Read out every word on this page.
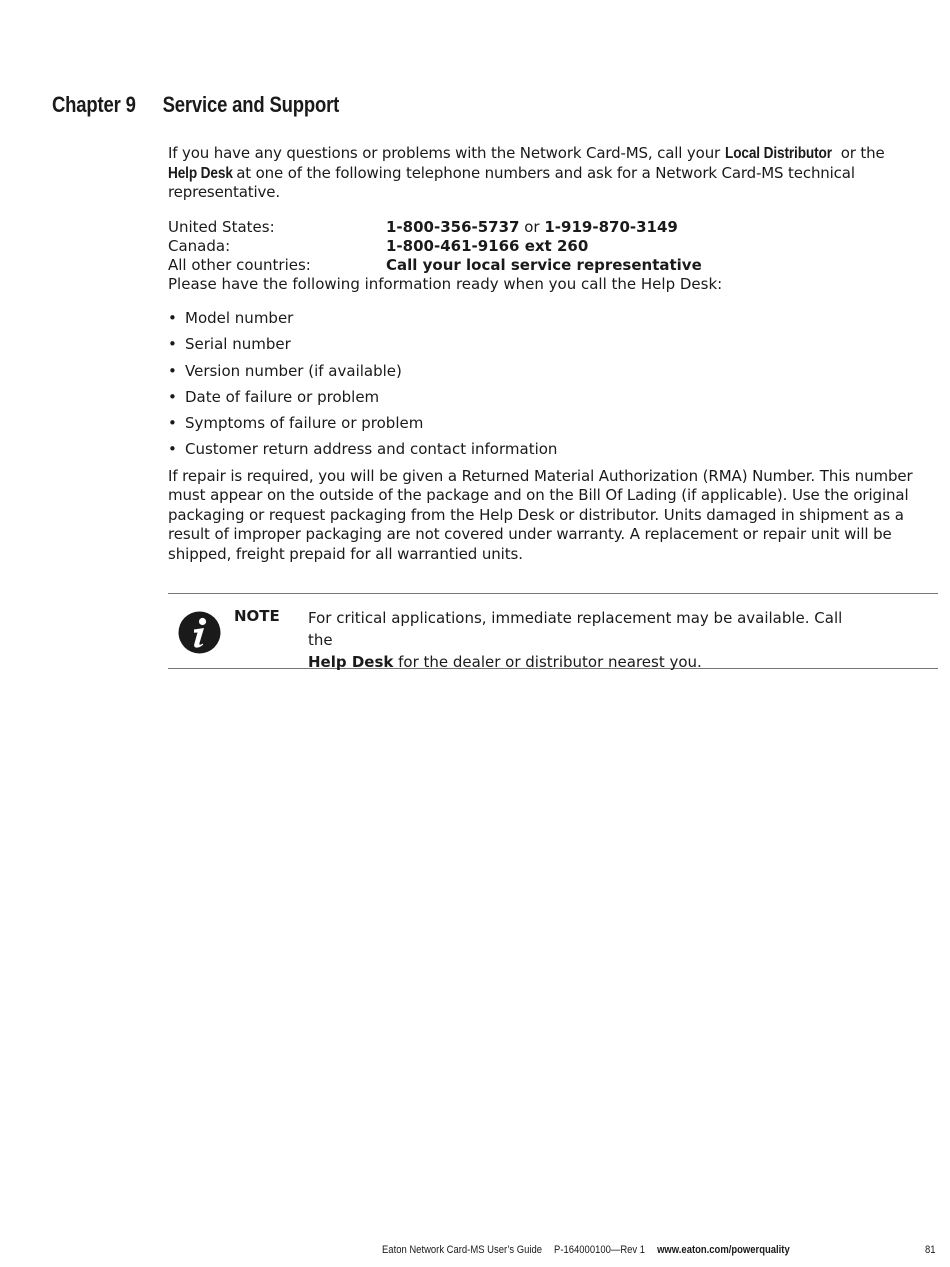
Chapter 9 Service and Support

If you have any questions or problems with the Network Card-MS, call your Local Distributor or the Help Desk at one of the following telephone numbers and ask for a Network Card-MS technical representative.

United States:	1-800-356-5737 or 1-919-870-3149
Canada:	1-800-461-9166 ext 260
All other countries:	Call your local service representative

Please have the following information ready when you call the Help Desk:

• Model number
• Serial number
• Version number (if available)
• Date of failure or problem
• Symptoms of failure or problem
• Customer return address and contact information

If repair is required, you will be given a Returned Material Authorization (RMA) Number. This number must appear on the outside of the package and on the Bill Of Lading (if applicable). Use the original packaging or request packaging from the Help Desk or distributor. Units damaged in shipment as a result of improper packaging are not covered under warranty. A replacement or repair unit will be shipped, freight prepaid for all warrantied units.

NOTE For critical applications, immediate replacement may be available. Call the
Help Desk for the dealer or distributor nearest you.
Eaton Network Card-MS User’s Guide P-164000100—Rev 1 www.eaton.com/powerquality	81
